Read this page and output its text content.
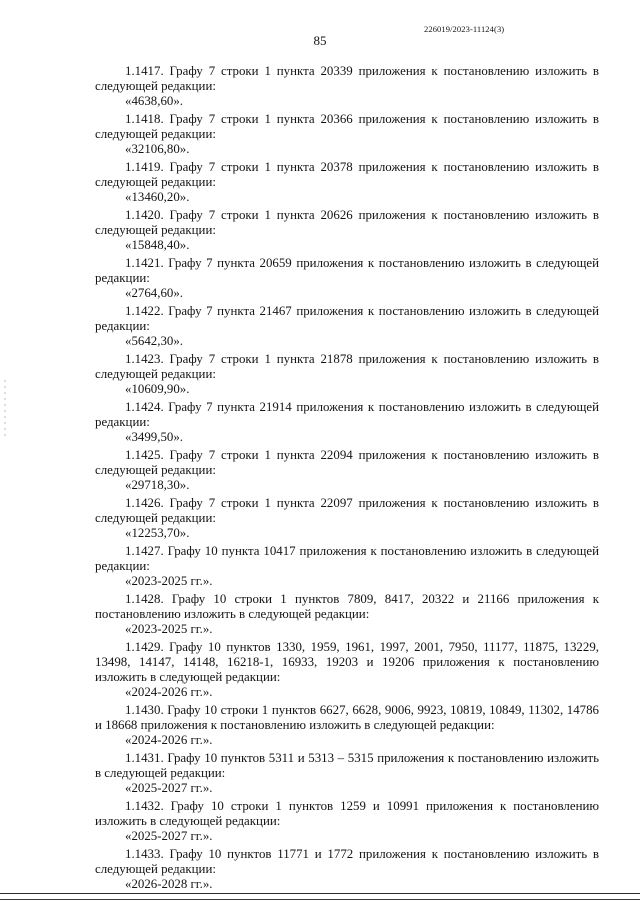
226019/2023-11124(3)
85
1.1417. Графу 7 строки 1 пункта 20339 приложения к постановлению изложить в следующей редакции:
«4638,60».
1.1418. Графу 7 строки 1 пункта 20366 приложения к постановлению изложить в следующей редакции:
«32106,80».
1.1419. Графу 7 строки 1 пункта 20378 приложения к постановлению изложить в следующей редакции:
«13460,20».
1.1420. Графу 7 строки 1 пункта 20626 приложения к постановлению изложить в следующей редакции:
«15848,40».
1.1421. Графу 7 пункта 20659 приложения к постановлению изложить в следующей редакции:
«2764,60».
1.1422. Графу 7 пункта 21467 приложения к постановлению изложить в следующей редакции:
«5642,30».
1.1423. Графу 7 строки 1 пункта 21878 приложения к постановлению изложить в следующей редакции:
«10609,90».
1.1424. Графу 7 пункта 21914 приложения к постановлению изложить в следующей редакции:
«3499,50».
1.1425. Графу 7 строки 1 пункта 22094 приложения к постановлению изложить в следующей редакции:
«29718,30».
1.1426. Графу 7 строки 1 пункта 22097 приложения к постановлению изложить в следующей редакции:
«12253,70».
1.1427. Графу 10 пункта 10417 приложения к постановлению изложить в следующей редакции:
«2023-2025 гг.».
1.1428. Графу 10 строки 1 пунктов 7809, 8417, 20322 и 21166 приложения к постановлению изложить в следующей редакции:
«2023-2025 гг.».
1.1429. Графу 10 пунктов 1330, 1959, 1961, 1997, 2001, 7950, 11177, 11875, 13229, 13498, 14147, 14148, 16218-1, 16933, 19203 и 19206 приложения к постановлению изложить в следующей редакции:
«2024-2026 гг.».
1.1430. Графу 10 строки 1 пунктов 6627, 6628, 9006, 9923, 10819, 10849, 11302, 14786 и 18668 приложения к постановлению изложить в следующей редакции:
«2024-2026 гг.».
1.1431. Графу 10 пунктов 5311 и 5313 – 5315 приложения к постановлению изложить в следующей редакции:
«2025-2027 гг.».
1.1432. Графу 10 строки 1 пунктов 1259 и 10991 приложения к постановлению изложить в следующей редакции:
«2025-2027 гг.».
1.1433. Графу 10 пунктов 11771 и 1772 приложения к постановлению изложить в следующей редакции:
«2026-2028 гг.».
